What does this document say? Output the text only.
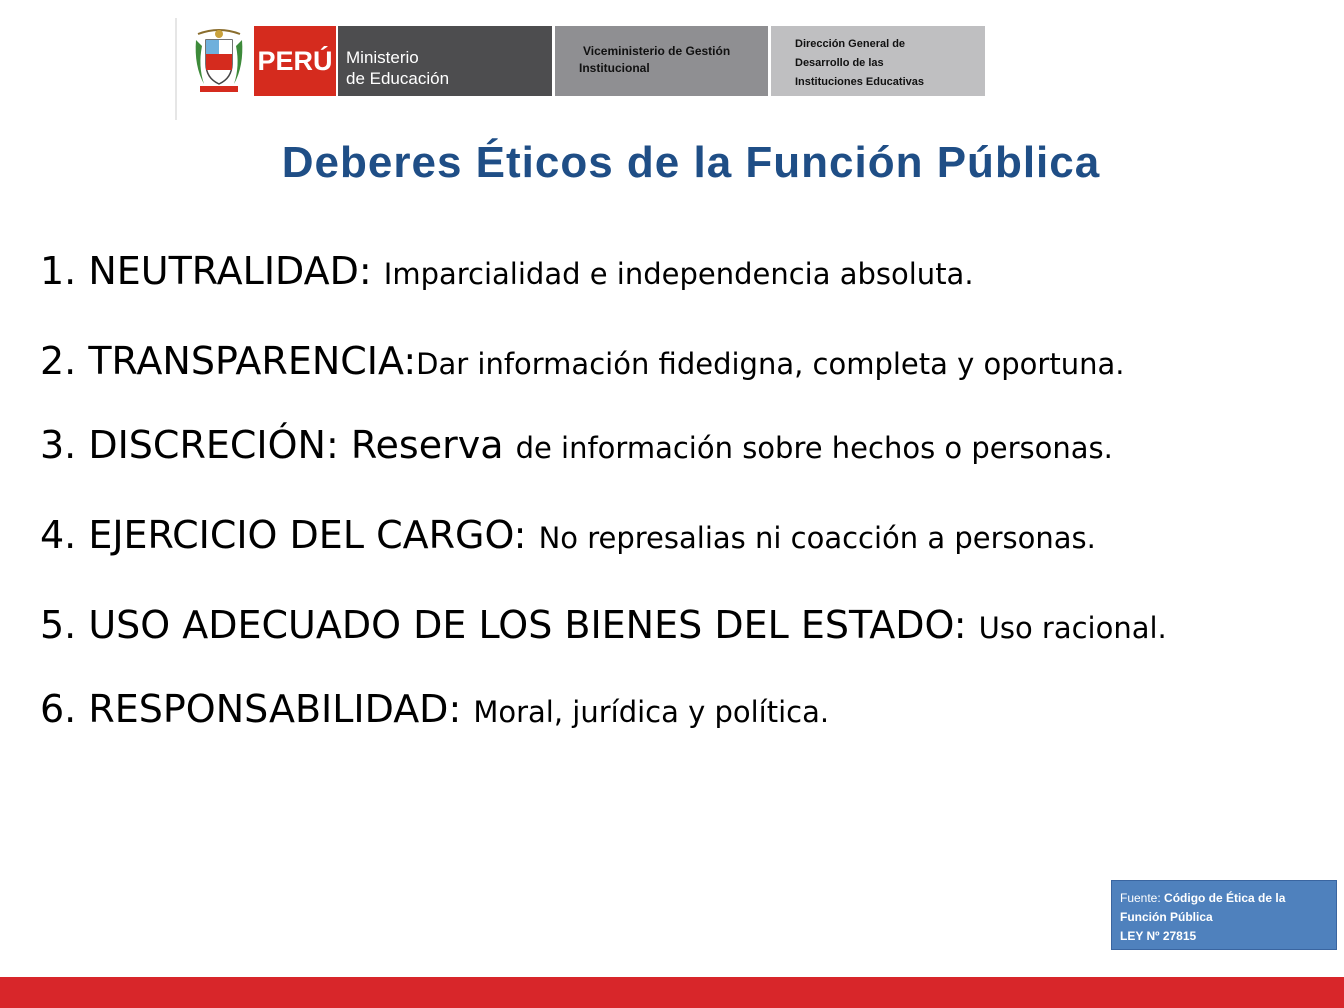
PERÚ Ministerio
de Educación
Viceministerio de Gestión
Institucional
Dirección General de
Desarrollo de las
Instituciones Educativas
Deberes Éticos de la Función Pública
1. NEUTRALIDAD: Imparcialidad e independencia absoluta.
2. TRANSPARENCIA:Dar información fidedigna, completa y oportuna.
3. DISCRECIÓN: Reserva de información sobre hechos o personas.
4. EJERCICIO DEL CARGO: No represalias ni coacción a personas.
5. USO ADECUADO DE LOS BIENES DEL ESTADO: Uso racional.
6. RESPONSABILIDAD: Moral, jurídica y política.
Fuente: Código de Ética de la
Función Pública
LEY Nº 27815
